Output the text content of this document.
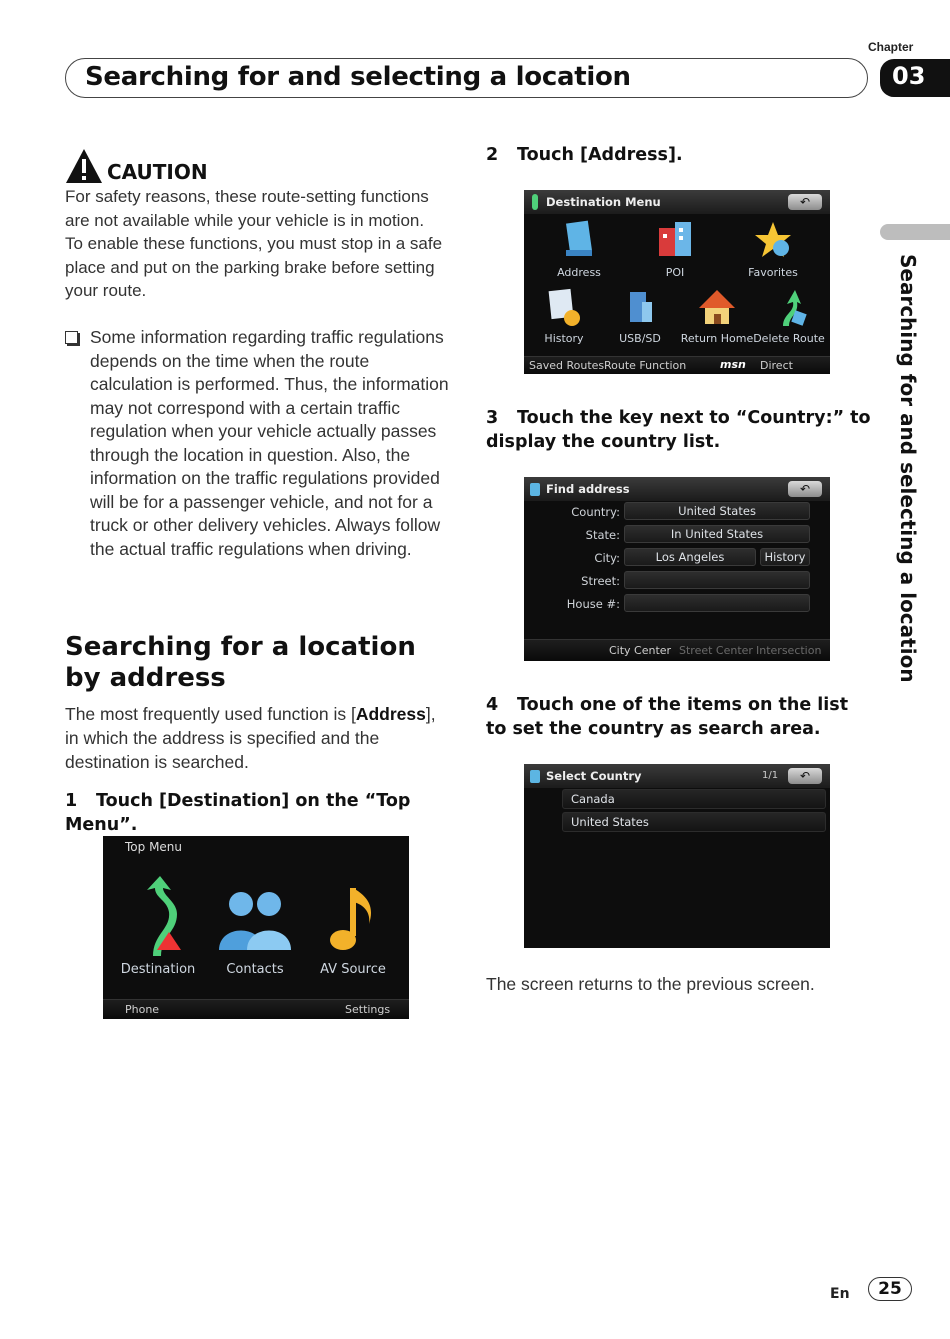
Chapter
Searching for and selecting a location	03
Searching for and selecting a location
CAUTION

For safety reasons, these route-setting functions are not available while your vehicle is in motion. To enable these functions, you must stop in a safe place and put on the parking brake before setting your route.

Some information regarding traffic regulations depends on the time when the route calculation is performed. Thus, the information may not correspond with a certain traffic regulation when your vehicle actually passes through the location in question. Also, the information on the traffic regulations provided will be for a passenger vehicle, and not for a truck or other delivery vehicles. Always follow the actual traffic regulations when driving.

Searching for a location by address

The most frequently used function is [Address], in which the address is specified and the destination is searched.

1 Touch [Destination] on the “Top Menu”.
Top Menu
Destination	Contacts	AV Source
Phone	Settings
2 Touch [Address].
Destination Menu	↶
Address	POI	Favorites
History	USB/SD	Return Home Delete Route
Saved Routes Route Function	msn Direct
3 Touch the key next to “Country:” to display the country list.
Find address	↶
Country:	United States
State:	In United States
City:	Los Angeles	History
Street:
House #:
City Center Street Center Intersection
4 Touch one of the items on the list to set the country as search area.
Select Country	1/1	↶
Canada
United States
The screen returns to the previous screen.
En	25
